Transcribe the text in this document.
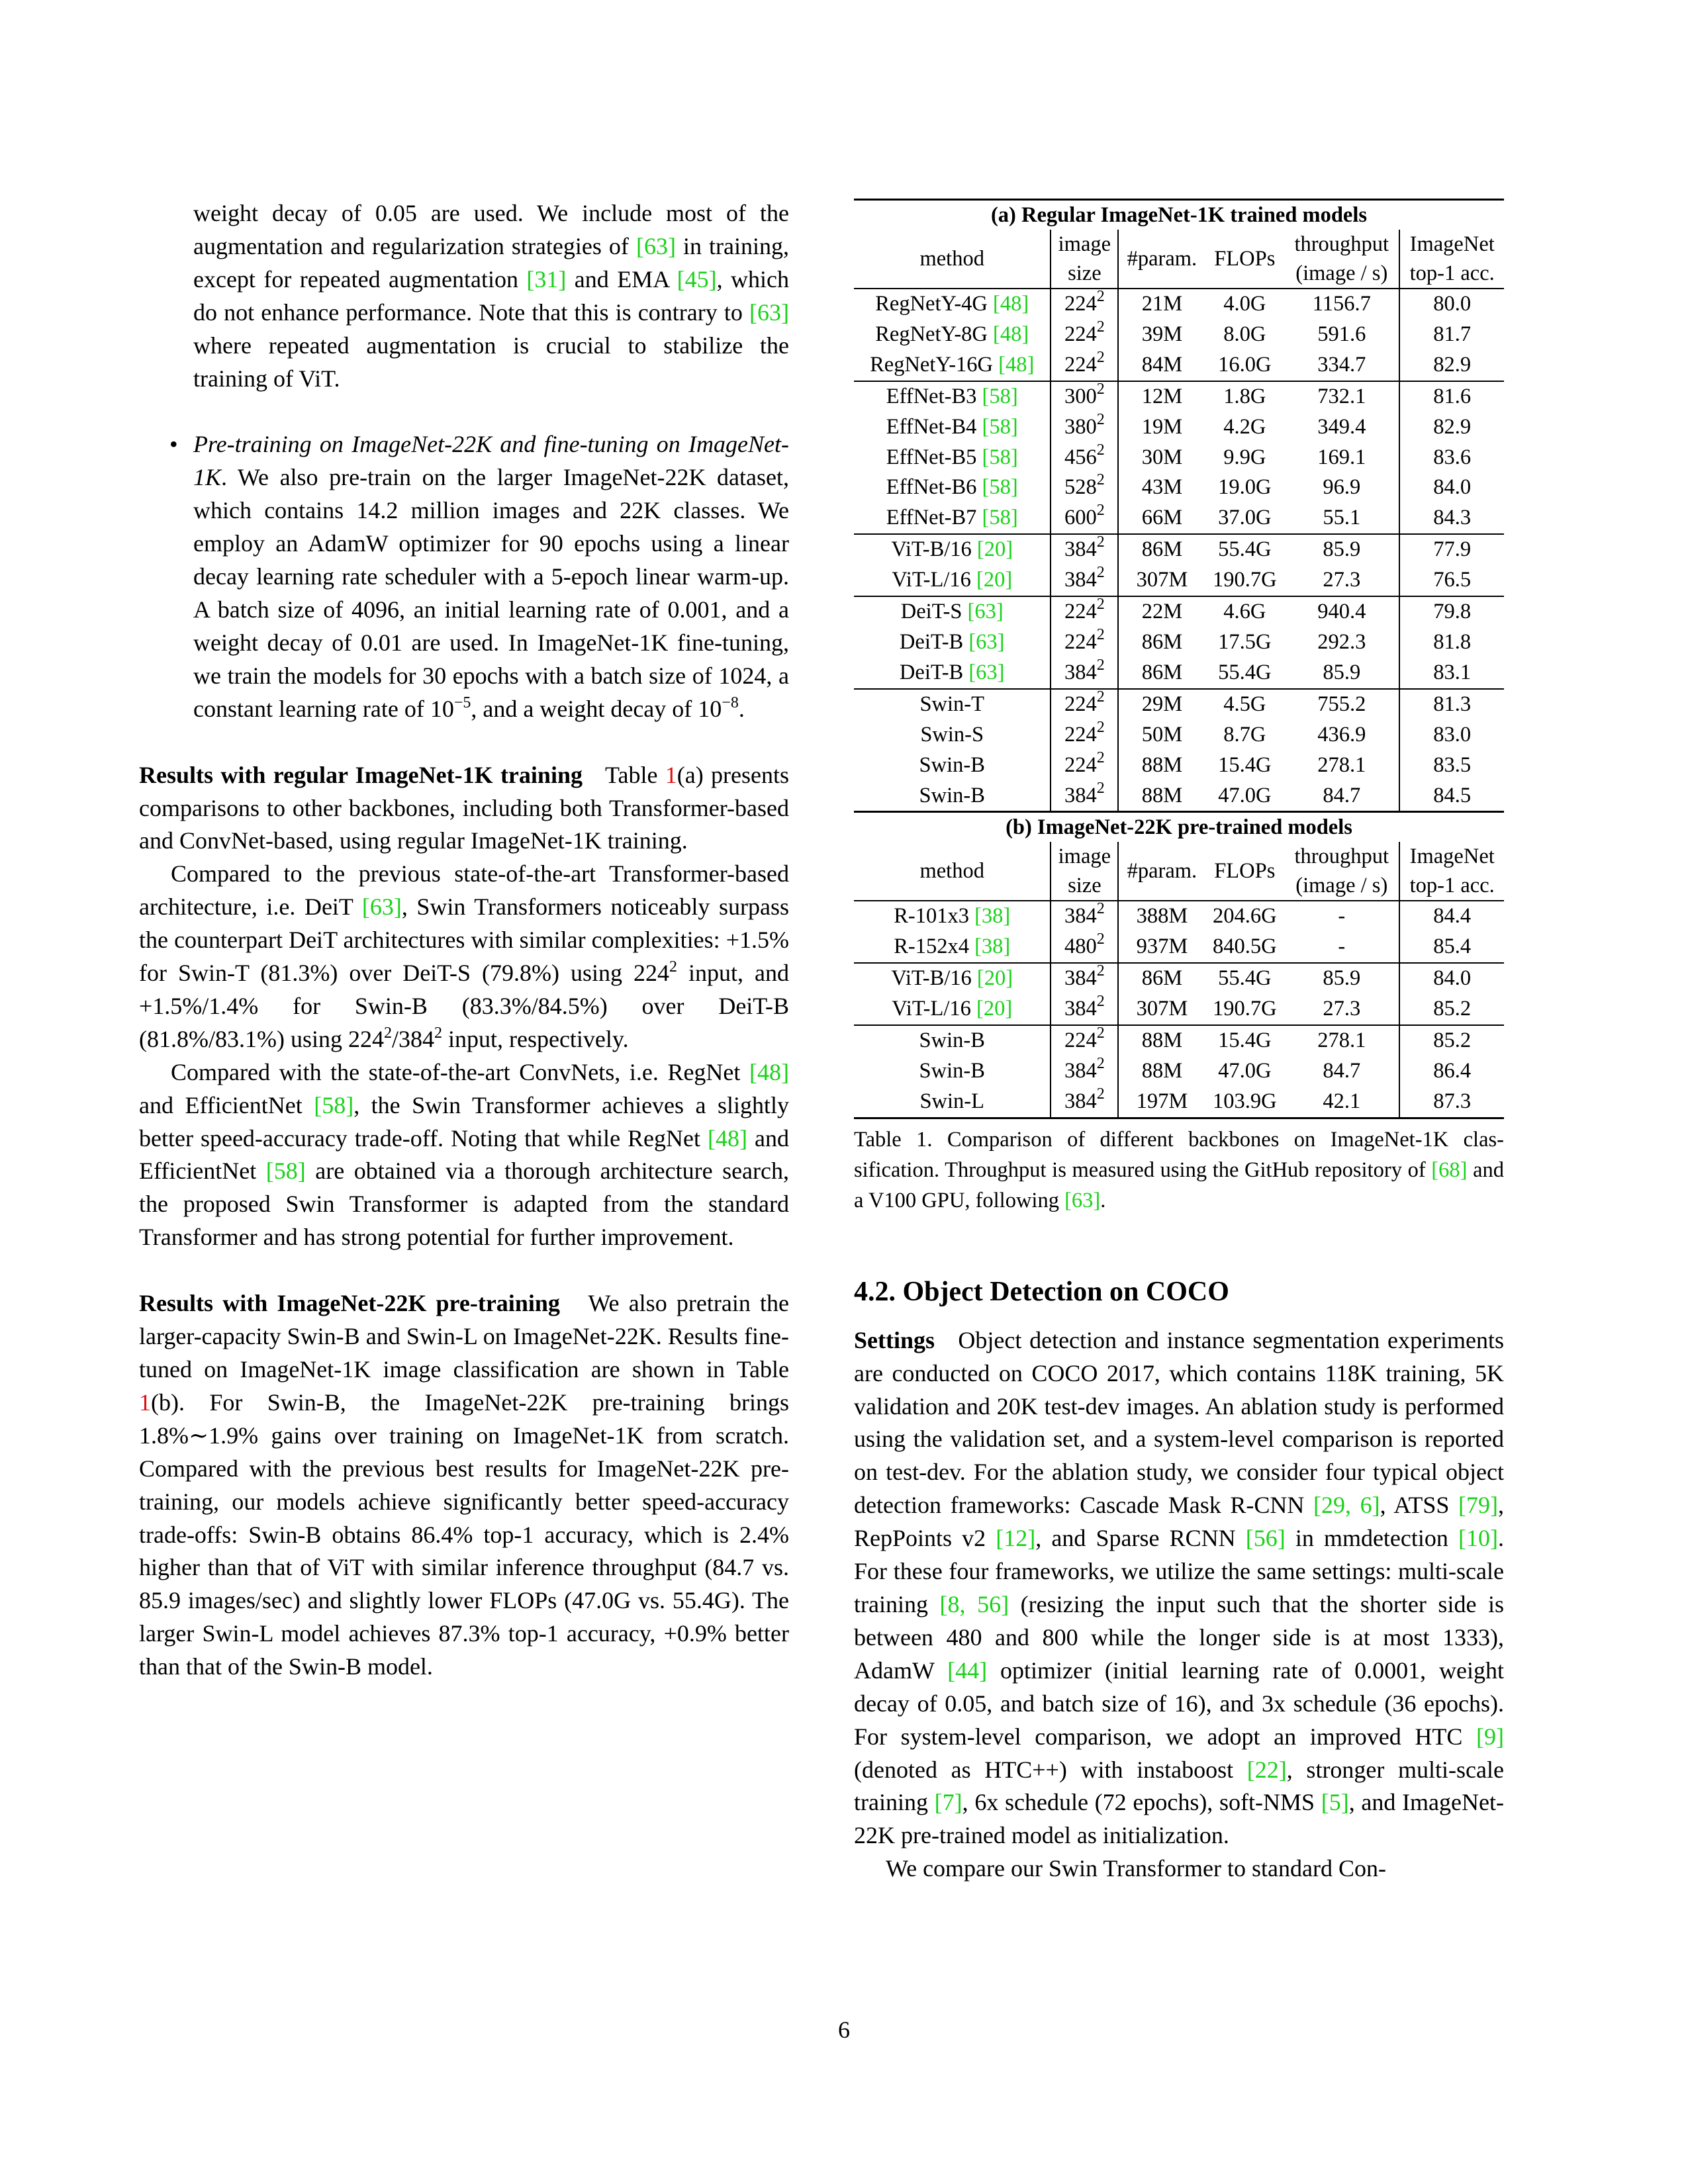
weight decay of 0.05 are used. We include most of the augmentation and regularization strategies of [63] in training, except for repeated augmentation [31] and EMA [45], which do not enhance performance. Note that this is contrary to [63] where repeated augmentation is crucial to stabilize the training of ViT.

• Pre-training on ImageNet-22K and fine-tuning on ImageNet-1K. We also pre-train on the larger ImageNet-22K dataset, which contains 14.2 million images and 22K classes. We employ an AdamW optimizer for 90 epochs using a linear decay learning rate scheduler with a 5-epoch linear warm-up. A batch size of 4096, an initial learning rate of 0.001, and a weight decay of 0.01 are used. In ImageNet-1K fine-tuning, we train the models for 30 epochs with a batch size of 1024, a constant learning rate of $10^{-5}$, and a weight decay of $10^{-8}$.

Results with regular ImageNet-1K training Table 1(a) presents comparisons to other backbones, including both Transformer-based and ConvNet-based, using regular ImageNet-1K training.

Compared to the previous state-of-the-art Transformer-based architecture, i.e. DeiT [63], Swin Transformers noticeably surpass the counterpart DeiT architectures with similar complexities: +1.5% for Swin-T (81.3%) over DeiT-S (79.8%) using $224^2$ input, and +1.5%/1.4% for Swin-B (83.3%/84.5%) over DeiT-B (81.8%/83.1%) using $224^2/384^2$ input, respectively.

Compared with the state-of-the-art ConvNets, i.e. RegNet [48] and EfficientNet [58], the Swin Transformer achieves a slightly better speed-accuracy trade-off. Noting that while RegNet [48] and EfficientNet [58] are obtained via a thorough architecture search, the proposed Swin Transformer is adapted from the standard Transformer and has strong potential for further improvement.

Results with ImageNet-22K pre-training We also pretrain the larger-capacity Swin-B and Swin-L on ImageNet-22K. Results fine-tuned on ImageNet-1K image classification are shown in Table 1(b). For Swin-B, the ImageNet-22K pre-training brings 1.8%∼1.9% gains over training on ImageNet-1K from scratch. Compared with the previous best results for ImageNet-22K pre-training, our models achieve significantly better speed-accuracy trade-offs: Swin-B obtains 86.4% top-1 accuracy, which is 2.4% higher than that of ViT with similar inference throughput (84.7 vs. 85.9 images/sec) and slightly lower FLOPs (47.0G vs. 55.4G). The larger Swin-L model achieves 87.3% top-1 accuracy, +0.9% better than that of the Swin-B model.

(a) Regular ImageNet-1K trained models					
method	image	#param.	FLOPs	throughput	ImageNet
	size			(image / s)	top-1 acc.
RegNetY-4G [48]	$224^2$	21M	4.0G	1156.7	80.0
RegNetY-8G [48]	$224^2$	39M	8.0G	591.6	81.7
RegNetY-16G [48]	$224^2$	84M	16.0G	334.7	82.9
EffNet-B3 [58]	$300^2$	12M	1.8G	732.1	81.6
EffNet-B4 [58]	$380^2$	19M	4.2G	349.4	82.9
EffNet-B5 [58]	$456^2$	30M	9.9G	169.1	83.6
EffNet-B6 [58]	$528^2$	43M	19.0G	96.9	84.0
EffNet-B7 [58]	$600^2$	66M	37.0G	55.1	84.3
ViT-B/16 [20]	$384^2$	86M	55.4G	85.9	77.9
ViT-L/16 [20]	$384^2$	307M	190.7G	27.3	76.5
DeiT-S [63]	$224^2$	22M	4.6G	940.4	79.8
DeiT-B [63]	$224^2$	86M	17.5G	292.3	81.8
DeiT-B [63]	$384^2$	86M	55.4G	85.9	83.1
Swin-T	$224^2$	29M	4.5G	755.2	81.3
Swin-S	$224^2$	50M	8.7G	436.9	83.0
Swin-B	$224^2$	88M	15.4G	278.1	83.5
Swin-B	$384^2$	88M	47.0G	84.7	84.5
(b) ImageNet-22K pre-trained models					
method	image	#param.	FLOPs	throughput	ImageNet
	size			(image / s)	top-1 acc.
R-101x3 [38]	$384^2$	388M	204.6G	-	84.4
R-152x4 [38]	$480^2$	937M	840.5G	-	85.4
ViT-B/16 [20]	$384^2$	86M	55.4G	85.9	84.0
ViT-L/16 [20]	$384^2$	307M	190.7G	27.3	85.2
Swin-B	$224^2$	88M	15.4G	278.1	85.2
Swin-B	$384^2$	88M	47.0G	84.7	86.4
Swin-L	$384^2$	197M	103.9G	42.1	87.3

Table 1. Comparison of different backbones on ImageNet-1K classification. Throughput is measured using the GitHub repository of [68] and a V100 GPU, following [63].

4.2. Object Detection on COCO

Settings Object detection and instance segmentation experiments are conducted on COCO 2017, which contains 118K training, 5K validation and 20K test-dev images. An ablation study is performed using the validation set, and a system-level comparison is reported on test-dev. For the ablation study, we consider four typical object detection frameworks: Cascade Mask R-CNN [29, 6], ATSS [79], RepPoints v2 [12], and Sparse RCNN [56] in mmdetection [10]. For these four frameworks, we utilize the same settings: multi-scale training [8, 56] (resizing the input such that the shorter side is between 480 and 800 while the longer side is at most 1333), AdamW [44] optimizer (initial learning rate of 0.0001, weight decay of 0.05, and batch size of 16), and 3x schedule (36 epochs). For system-level comparison, we adopt an improved HTC [9] (denoted as HTC++) with instaboost [22], stronger multi-scale training [7], 6x schedule (72 epochs), soft-NMS [5], and ImageNet-22K pre-trained model as initialization.

We compare our Swin Transformer to standard Con-

6
